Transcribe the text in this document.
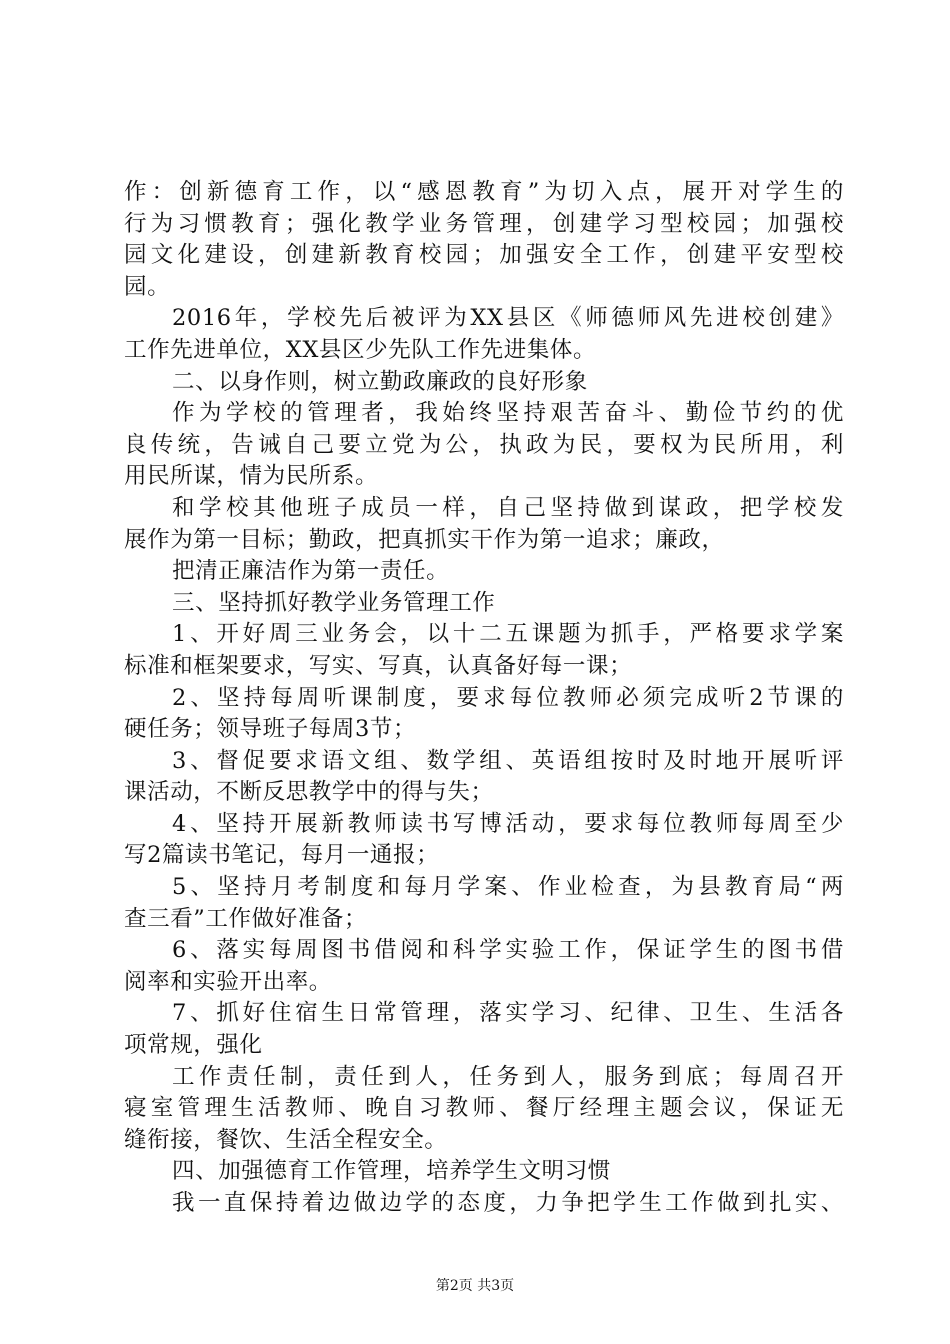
作：创新德育工作，以“感恩教育”为切入点，展开对学生的
行为习惯教育；强化教学业务管理，创建学习型校园；加强校
园文化建设，创建新教育校园；加强安全工作，创建平安型校
园。
2016年，学校先后被评为XX县区《师德师风先进校创建》
工作先进单位，XX县区少先队工作先进集体。
二、以身作则，树立勤政廉政的良好形象
作为学校的管理者，我始终坚持艰苦奋斗、勤俭节约的优
良传统，告诫自己要立党为公，执政为民，要权为民所用，利
用民所谋，情为民所系。
和学校其他班子成员一样，自己坚持做到谋政，把学校发
展作为第一目标；勤政，把真抓实干作为第一追求；廉政，
把清正廉洁作为第一责任。
三、坚持抓好教学业务管理工作
1、开好周三业务会，以十二五课题为抓手，严格要求学案
标准和框架要求，写实、写真，认真备好每一课；
2、坚持每周听课制度，要求每位教师必须完成听2节课的
硬任务；领导班子每周3节；
3、督促要求语文组、数学组、英语组按时及时地开展听评
课活动，不断反思教学中的得与失；
4、坚持开展新教师读书写博活动，要求每位教师每周至少
写2篇读书笔记，每月一通报；
5、坚持月考制度和每月学案、作业检查，为县教育局“两
查三看”工作做好准备；
6、落实每周图书借阅和科学实验工作，保证学生的图书借
阅率和实验开出率。
7、抓好住宿生日常管理，落实学习、纪律、卫生、生活各
项常规，强化
工作责任制，责任到人，任务到人，服务到底；每周召开
寝室管理生活教师、晚自习教师、餐厅经理主题会议，保证无
缝衔接，餐饮、生活全程安全。
四、加强德育工作管理，培养学生文明习惯
我一直保持着边做边学的态度，力争把学生工作做到扎实、
第2页 共3页
